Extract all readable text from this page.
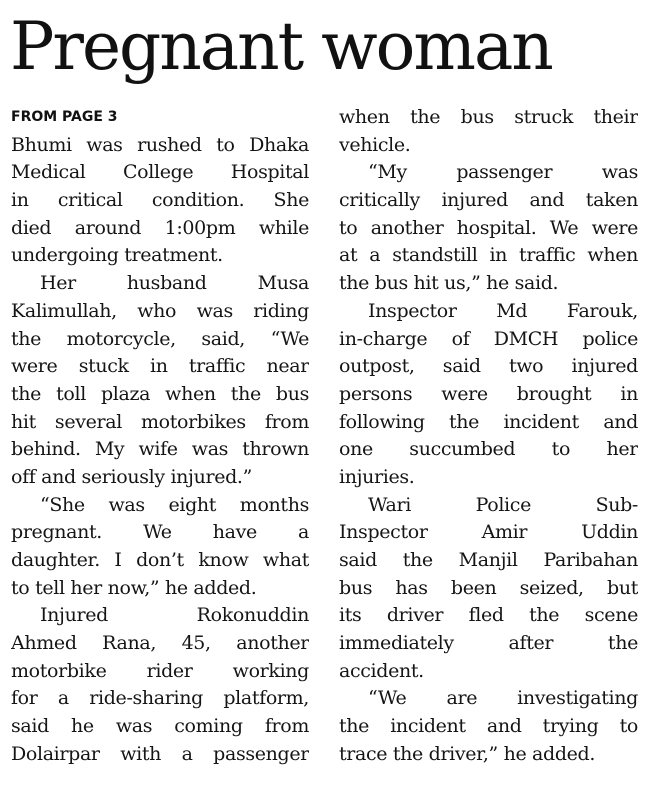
Pregnant woman
FROM PAGE 3
Bhumi was rushed to Dhaka
Medical College Hospital
in critical condition. She
died around 1:00pm while
undergoing treatment.
Her husband Musa
Kalimullah, who was riding
the motorcycle, said, “We
were stuck in traffic near
the toll plaza when the bus
hit several motorbikes from
behind. My wife was thrown
off and seriously injured.”
“She was eight months
pregnant. We have a
daughter. I don’t know what
to tell her now,” he added.
Injured Rokonuddin
Ahmed Rana, 45, another
motorbike rider working
for a ride-sharing platform,
said he was coming from
Dolairpar with a passenger
when the bus struck their
vehicle.
“My passenger was
critically injured and taken
to another hospital. We were
at a standstill in traffic when
the bus hit us,” he said.
Inspector Md Farouk,
in-charge of DMCH police
outpost, said two injured
persons were brought in
following the incident and
one succumbed to her
injuries.
Wari Police Sub-
Inspector Amir Uddin
said the Manjil Paribahan
bus has been seized, but
its driver fled the scene
immediately after the
accident.
“We are investigating
the incident and trying to
trace the driver,” he added.
